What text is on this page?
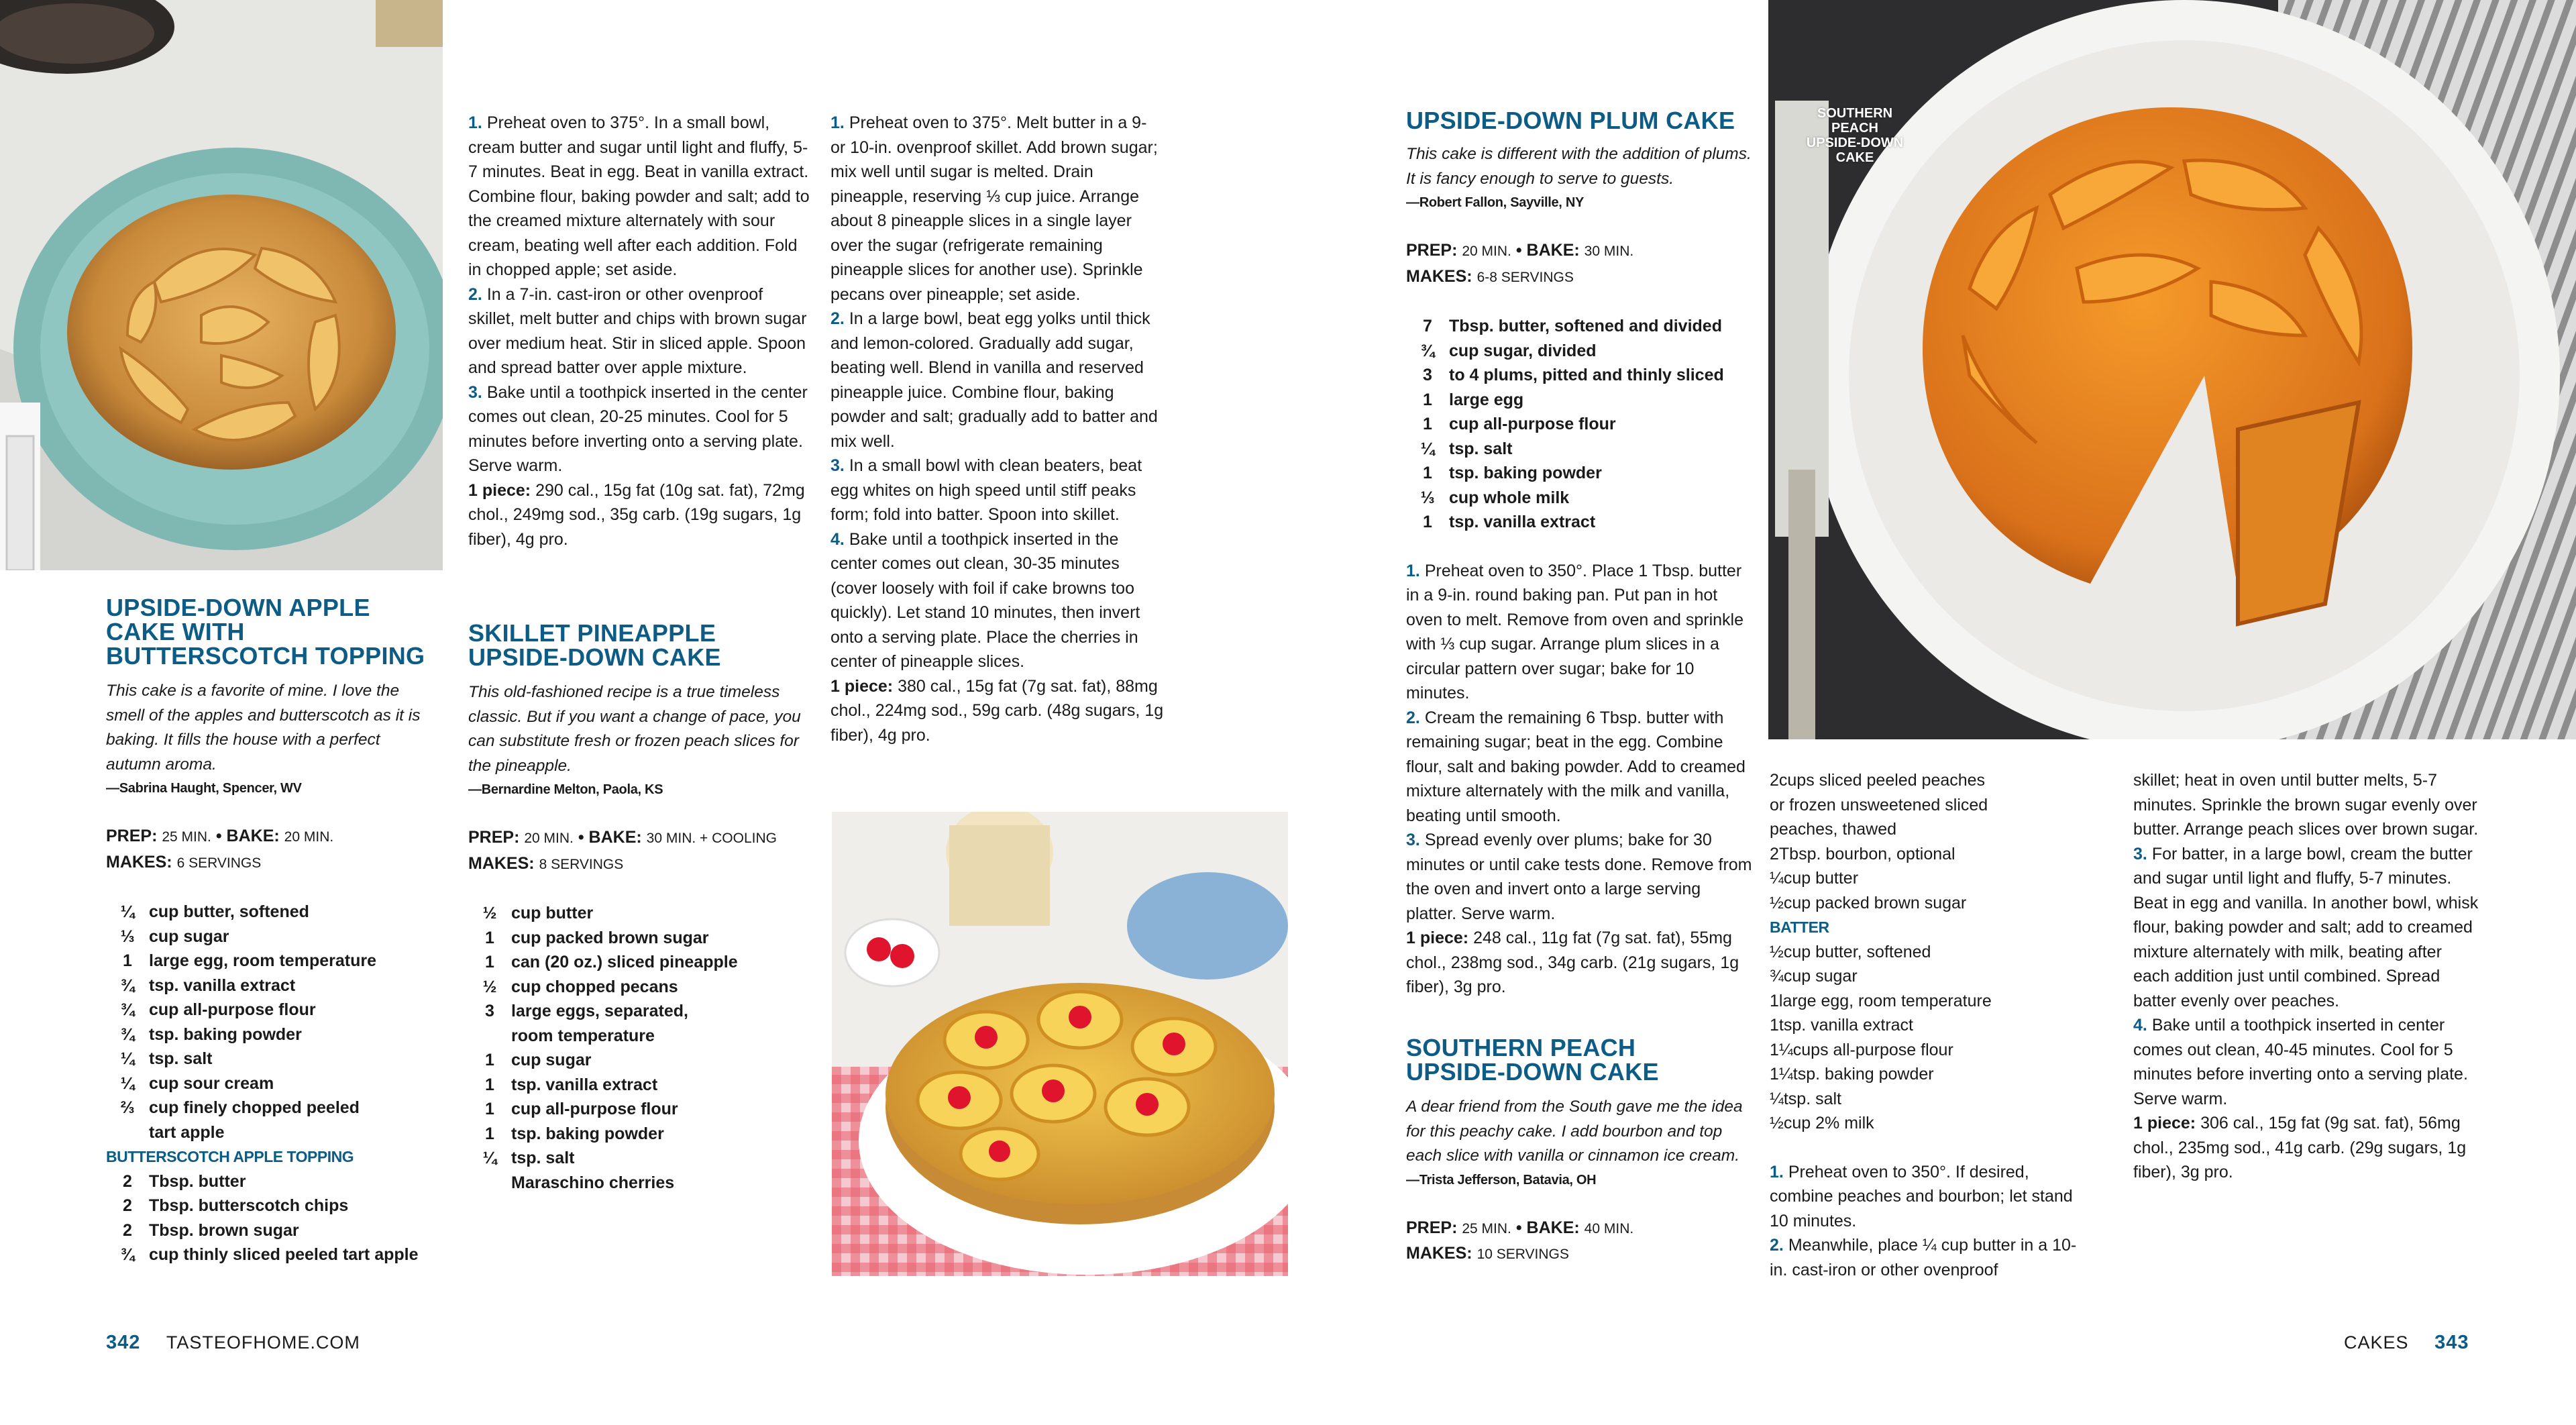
SOUTHERN PEACH UPSIDE-DOWN CAKE
UPSIDE-DOWN APPLE CAKE WITH BUTTERSCOTCH TOPPING

This cake is a favorite of mine. I love the smell of the apples and butterscotch as it is baking. It fills the house with a perfect autumn aroma.

—Sabrina Haught, Spencer, WV

PREP: 25 MIN. • BAKE: 20 MIN.

MAKES: 6 SERVINGS

¼ cup butter, softened
⅓ cup sugar
1	large egg, room temperature
¾ tsp. vanilla extract
¾ cup all-purpose flour
¾ tsp. baking powder
¼ tsp. salt
¼ cup sour cream
⅔ cup finely chopped peeled
tart apple
BUTTERSCOTCH APPLE TOPPING
2	Tbsp. butter
2	Tbsp. butterscotch chips
2	Tbsp. brown sugar
¾ cup thinly sliced peeled tart apple

1. Preheat oven to 375°. In a small bowl, cream butter and sugar until light and fluffy, 5-7 minutes. Beat in egg. Beat in vanilla extract. Combine flour, baking powder and salt; add to the creamed mixture alternately with sour cream, beating well after each addition. Fold in chopped apple; set aside.

2. In a 7-in. cast-iron or other ovenproof skillet, melt butter and chips with brown sugar over medium heat. Stir in sliced apple. Spoon and spread batter over apple mixture.

3. Bake until a toothpick inserted in the center comes out clean, 20-25 minutes. Cool for 5 minutes before inverting onto a serving plate. Serve warm.

1 piece: 290 cal., 15g fat (10g sat. fat), 72mg chol., 249mg sod., 35g carb. (19g sugars, 1g fiber), 4g pro.

SKILLET PINEAPPLE UPSIDE-DOWN CAKE

This old-fashioned recipe is a true timeless classic. But if you want a change of pace, you can substitute fresh or frozen peach slices for the pineapple.

—Bernardine Melton, Paola, KS

PREP: 20 MIN. • BAKE: 30 MIN. + COOLING

MAKES: 8 SERVINGS

½ cup butter
1	cup packed brown sugar
1	can (20 oz.) sliced pineapple
½ cup chopped pecans
3	large eggs, separated,
room temperature
1	cup sugar
1	tsp. vanilla extract
1	cup all-purpose flour
1	tsp. baking powder
¼ tsp. salt
Maraschino cherries

1. Preheat oven to 375°. Melt butter in a 9- or 10-in. ovenproof skillet. Add brown sugar; mix well until sugar is melted. Drain pineapple, reserving ⅓ cup juice. Arrange about 8 pineapple slices in a single layer over the sugar (refrigerate remaining pineapple slices for another use). Sprinkle pecans over pineapple; set aside.

2. In a large bowl, beat egg yolks until thick and lemon-colored. Gradually add sugar, beating well. Blend in vanilla and reserved pineapple juice. Combine flour, baking powder and salt; gradually add to batter and mix well.

3. In a small bowl with clean beaters, beat egg whites on high speed until stiff peaks form; fold into batter. Spoon into skillet.

4. Bake until a toothpick inserted in the center comes out clean, 30-35 minutes (cover loosely with foil if cake browns too quickly). Let stand 10 minutes, then invert onto a serving plate. Place the cherries in center of pineapple slices.

1 piece: 380 cal., 15g fat (7g sat. fat), 88mg chol., 224mg sod., 59g carb. (48g sugars, 1g fiber), 4g pro.

UPSIDE-DOWN PLUM CAKE

This cake is different with the addition of plums. It is fancy enough to serve to guests.

—Robert Fallon, Sayville, NY

PREP: 20 MIN. • BAKE: 30 MIN.

MAKES: 6-8 SERVINGS

7	Tbsp. butter, softened and divided
¾ cup sugar, divided
3	to 4 plums, pitted and thinly sliced
1	large egg
1	cup all-purpose flour
¼ tsp. salt
1	tsp. baking powder
⅓ cup whole milk
1	tsp. vanilla extract

1. Preheat oven to 350°. Place 1 Tbsp. butter in a 9-in. round baking pan. Put pan in hot oven to melt. Remove from oven and sprinkle with ⅓ cup sugar. Arrange plum slices in a circular pattern over sugar; bake for 10 minutes.

2. Cream the remaining 6 Tbsp. butter with remaining sugar; beat in the egg. Combine flour, salt and baking powder. Add to creamed mixture alternately with the milk and vanilla, beating until smooth.

3. Spread evenly over plums; bake for 30 minutes or until cake tests done. Remove from the oven and invert onto a large serving platter. Serve warm.

1 piece: 248 cal., 11g fat (7g sat. fat), 55mg chol., 238mg sod., 34g carb. (21g sugars, 1g fiber), 3g pro.

SOUTHERN PEACH UPSIDE-DOWN CAKE

A dear friend from the South gave me the idea for this peachy cake. I add bourbon and top each slice with vanilla or cinnamon ice cream.

—Trista Jefferson, Batavia, OH

PREP: 25 MIN. • BAKE: 40 MIN.

MAKES: 10 SERVINGS

2cups sliced peeled peaches
or frozen unsweetened sliced
peaches, thawed
2Tbsp. bourbon, optional
¼cup butter
½cup packed brown sugar
BATTER
½cup butter, softened
¾cup sugar
1large egg, room temperature
1tsp. vanilla extract
1¼cups all-purpose flour
1¼tsp. baking powder
¼tsp. salt
½cup 2% milk

1. Preheat oven to 350°. If desired, combine peaches and bourbon; let stand 10 minutes.

2. Meanwhile, place ¼ cup butter in a 10-in. cast-iron or other ovenproof

skillet; heat in oven until butter melts, 5-7 minutes. Sprinkle the brown sugar evenly over butter. Arrange peach slices over brown sugar.

3. For batter, in a large bowl, cream the butter and sugar until light and fluffy, 5-7 minutes. Beat in egg and vanilla. In another bowl, whisk flour, baking powder and salt; add to creamed mixture alternately with milk, beating after each addition just until combined. Spread batter evenly over peaches.

4. Bake until a toothpick inserted in center comes out clean, 40-45 minutes. Cool for 5 minutes before inverting onto a serving plate. Serve warm.

1 piece: 306 cal., 15g fat (9g sat. fat), 56mg chol., 235mg sod., 41g carb. (29g sugars, 1g fiber), 3g pro.

342 TASTEOFHOME.COM	CAKES 343
